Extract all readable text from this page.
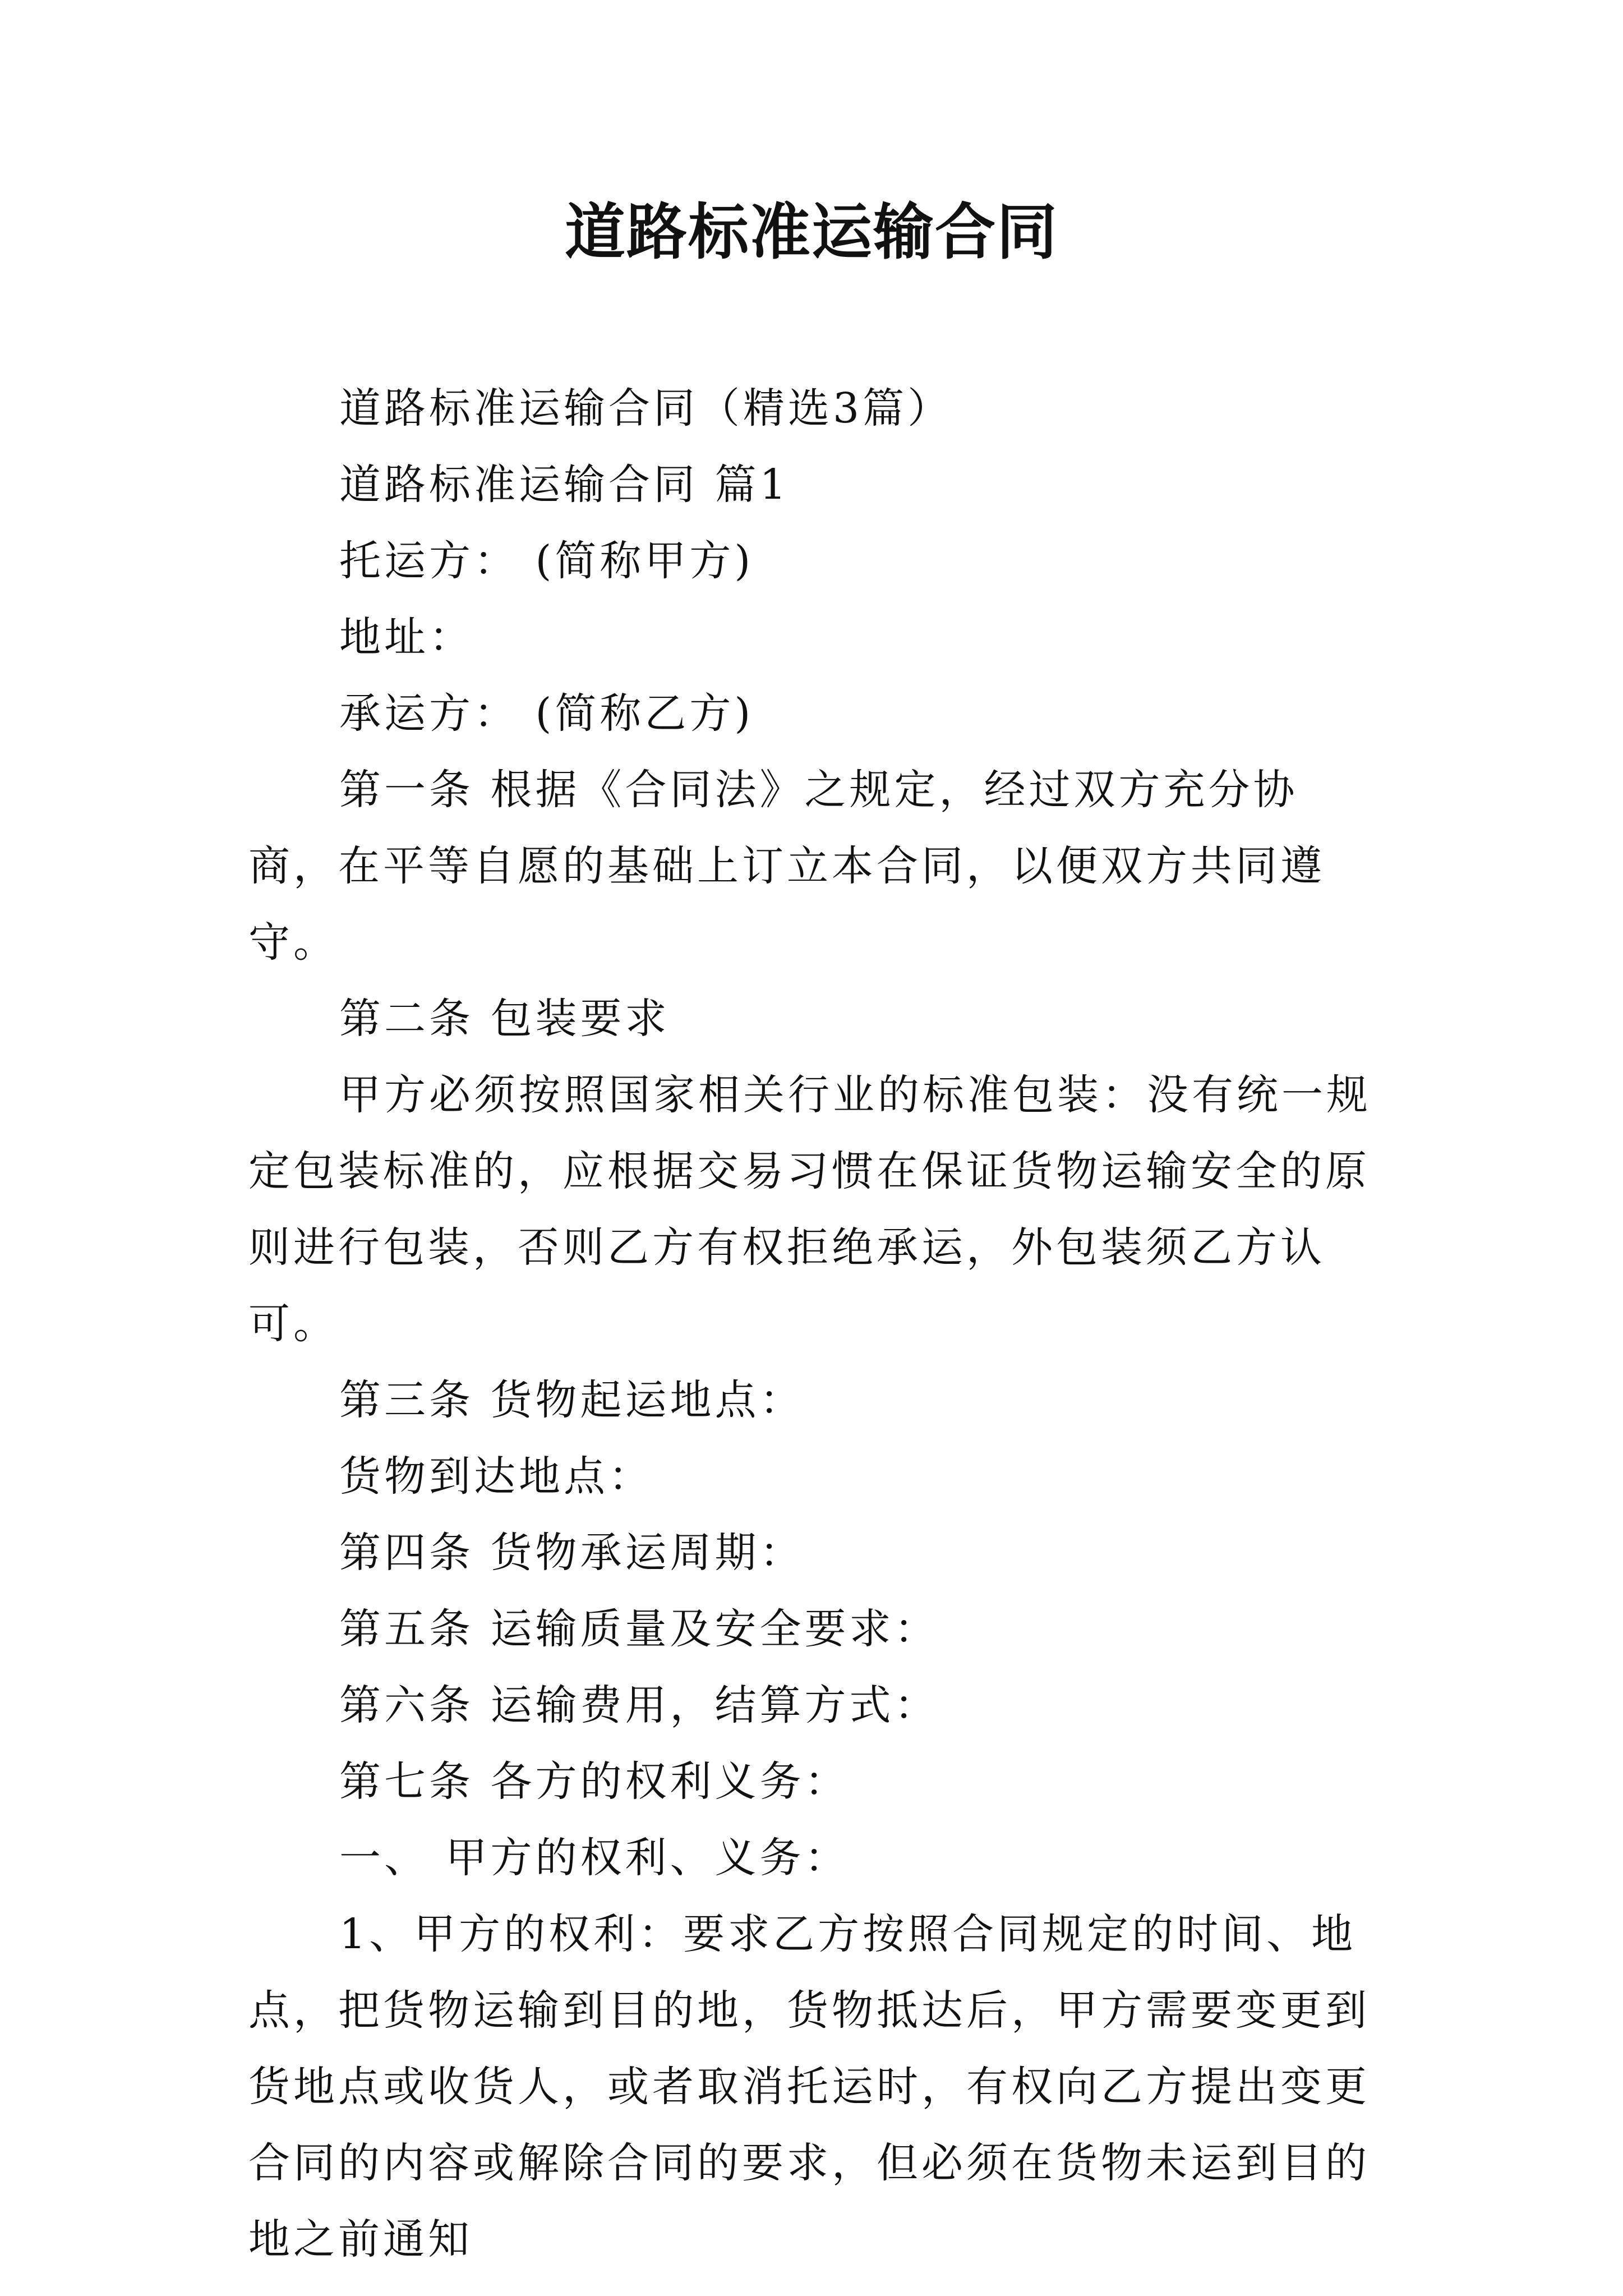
道路标准运输合同

道路标准运输合同（精选3篇）

道路标准运输合同 篇1

托运方： (简称甲方)

地址：

承运方： (简称乙方)

第一条 根据《合同法》之规定，经过双方充分协商，在平等自愿的基础上订立本合同，以便双方共同遵守。

第二条 包装要求

甲方必须按照国家相关行业的标准包装：没有统一规定包装标准的，应根据交易习惯在保证货物运输安全的原则进行包装，否则乙方有权拒绝承运，外包装须乙方认可。

第三条 货物起运地点：

货物到达地点：

第四条 货物承运周期：

第五条 运输质量及安全要求：

第六条 运输费用，结算方式：

第七条 各方的权利义务：

一、 甲方的权利、义务：

1、甲方的权利：要求乙方按照合同规定的时间、地点，把货物运输到目的地，货物抵达后，甲方需要变更到货地点或收货人，或者取消托运时，有权向乙方提出变更合同的内容或解除合同的要求，但必须在货物未运到目的地之前通知
